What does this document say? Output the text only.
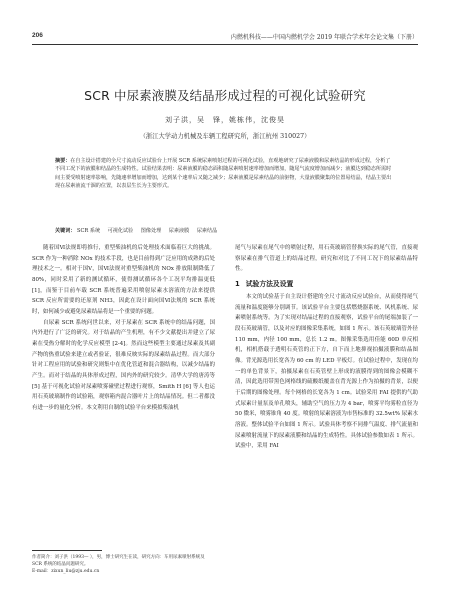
206	内燃机科技——中国内燃机学会 2019 年联合学术年会论文集（下册）
SCR 中尿素液膜及结晶形成过程的可视化试验研究
刘子洪，吴　锋，姚栋伟，沈俊昊
（浙江大学动力机械及车辆工程研究所，浙江杭州 310027）
摘要：在自主设计搭建的全尺寸流动反应试验台上开展 SCR 系统尿素喷射过程的可视化试验，直观地研究了尿素液膜和尿素结晶的形成过程，分析了不同工况下的液膜和结晶的生成特性。试验结果表明：尿素液膜的稳态面积随尿素喷射速率增加而增加，随尾气流度增加而减少；液膜达到稳态所需时间主要受喷射速率影响，先随速率增加而增加，达到某个速率后又随之减少；尿素液膜是尿素结晶的前驱物，大量液膜聚集的位置易结晶，结晶主要出现在尿素液流干涸的位置，以表层生长为主要形式。
关键词： SCR 系统 可视化试验 图像处理 尿素液膜 尿素结晶

随着国Ⅵ法规即将推行，重型柴油机的后处理技术面临着巨大的挑战。SCR 作为一种消除 NOx 的技术手段，也是目前得到广泛应用的成熟的后处理技术之一。相对于国Ⅴ，国Ⅵ法规对重型柴油机的 NOx 排放限制降低了 80%，同时采用了新的测试循环，使得测试循环各个工况平均排温更低 [1]，而鉴于目前车载 SCR 系统普遍采用喷射尿素水溶液的方法来提供 SCR 反应所需要的还原剂 NH3，因此在设计面向国Ⅵ法规的 SCR 系统时，如何减少或避免尿素结晶将是一个重要的问题。

自尿素 SCR 系统问世以来，对于尿素在 SCR 系统中的结晶问题，国内外进行了广泛的研究。对于结晶的产生机理，有不少文献提出并建立了尿素在受热分解时的化学反应模型 [2-4]。然而这些模型主要通过尿素及其副产物的热重试验来建立或者验证，很难反映实际的尿素结晶过程。而大部分针对工程应用的试验和研究则集中在优化管道和混合器结构，以减少结晶的产生。而对于结晶的具体形成过程，国内外的研究较少。清华大学的唐涛等 [5] 基于可视化试验对尿素喷雾碰壁过程进行观察，Smith H [6] 等人也运用石英玻璃制作的试验箱，观察箱内混合器叶片上的结晶情况。但二者都没有进一步的量化分析。本文利用自制的试验平台来模拟柴油机

尾气与尿素在尾气中的喷射过程，用石英玻璃管替换实际的尾气管，直接观察尿素在排气管道上的结晶过程，研究和对比了不同工况下的尿素结晶特性。

1 试验方法及设置

本文的试验基于自主设计搭建的全尺寸流动反应试验台，从而使得尾气流量和温度能够分别调节。该试验平台主要包括燃烧器系统、风机系统、尿素喷射系统等。为了实现对结晶过程的直接观察，试验平台的尾端加装了一段石英玻璃管，以及对应的图像采集系统，如图 1 所示。该石英玻璃管外径 110 mm，内径 100 mm，总长 1.2 m。图像采集选用佳能 60D 单反相机，相机搭载于透明石英管的正下方，自下而上地抑视拍摄液膜和结晶图像。背光源选用长宽各为 60 cm 的 LED 平板灯。在试验过程中，发现在均一的单色背景下，拍摄尿素在石英管壁上形成的液膜得到的图像会模糊不清，因此选用带黑色网格线的硫酸纸覆盖在背光源上作为拍摄的背景，以便于后期的图像处理。每个网格的长宽各为 1 cm。试验采用 FAI 提供的气助式尿素计量泵及单孔喷头，辅助空气的压力为 4 bar，喷雾平均雾粒直径为 50 微米，喷雾锥角 40 度。喷射的尿素溶液为市售标准的 32.5wt% 尿素水溶液。整体试验平台如图 1 所示。试验具体考察不同排气温度、排气流量和尿素喷射流量下的尿素液膜和结晶的生成特性。具体试验参数如表 1 所示。试验中，采用 FAI

作者简介：刘子洪（1993— ），男，博士研究生在读，研究方向：车用尿素喷射系统及 SCR 系统的结晶问题研究。
E-mail：zixun_liu@zju.edu.cn
